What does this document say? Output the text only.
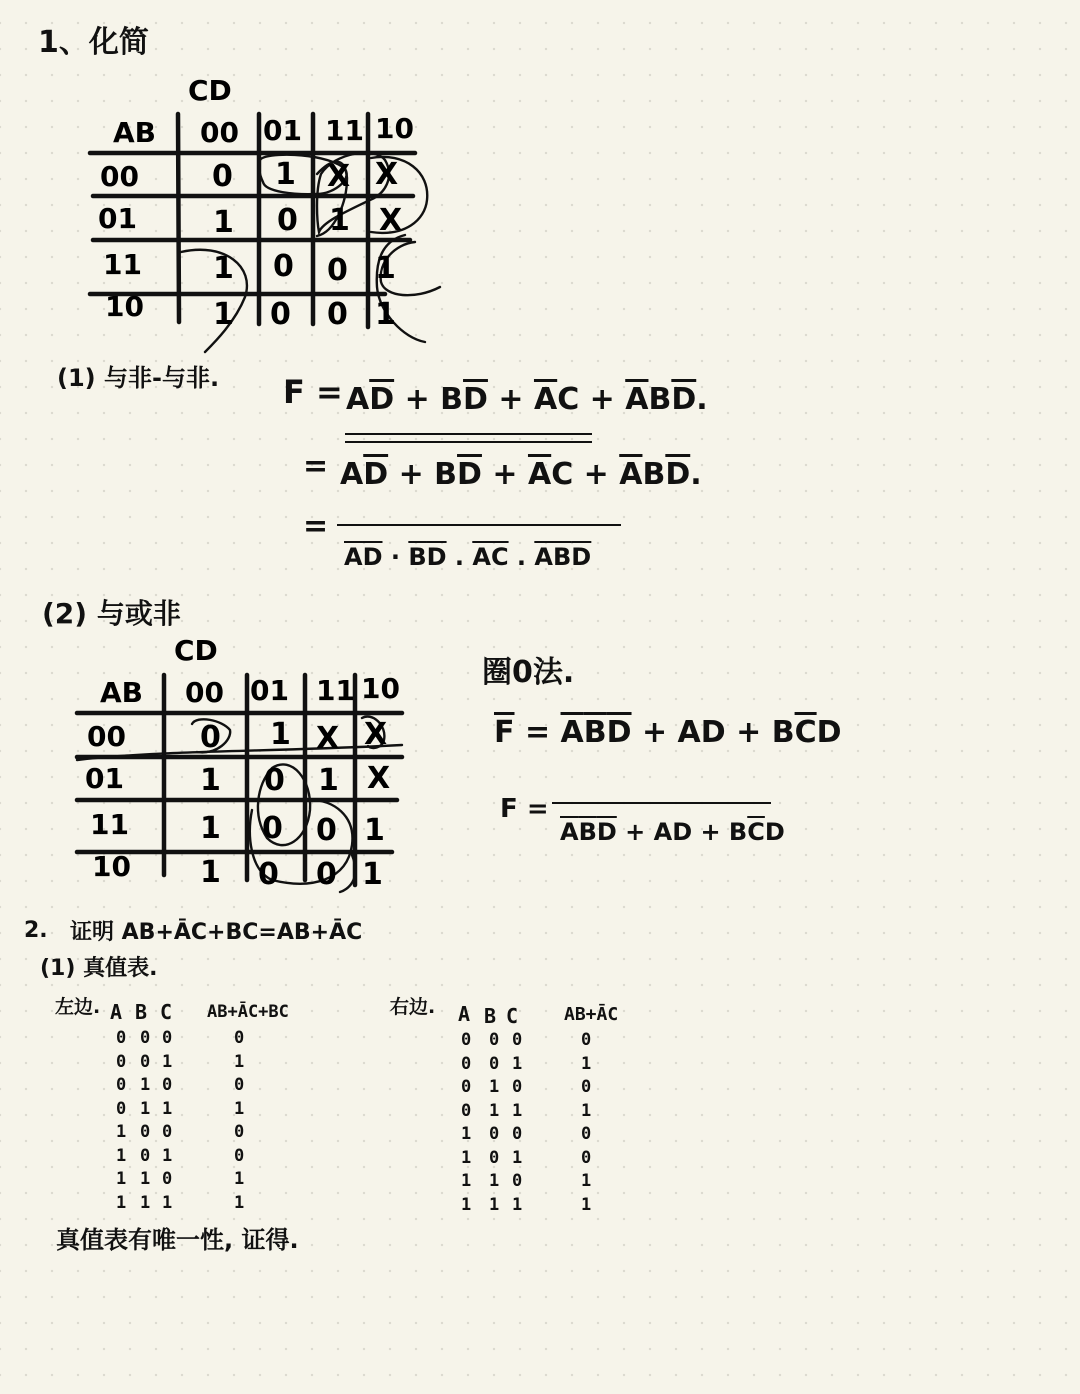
1、化简
CD
AB 00 01 11 10
00
01
11
10
0 1 X X
1 0 1 X
1 0 0 1
1 0 0 1
(1) 与非-与非. $F = A\overline{D} + B\overline{D} + \overline{A}C + \overline{A}B\overline{D}$.
= $A\overline{D} + B\overline{D} + \overline{A}C + \overline{A}B\overline{D}$.
=
AD · BD . AC . ABD
(2) 与或非
CD
AB 00 01 11 10
00
01
11
10
0 1 X X
1 0 1 X
1 0 0 1
1 0 0 1
圈0法.
$\overline{F} = \overline{A}\overline{B}\overline{D}$ + AD + $B\overline{C}D$
F =
$\overline{A}\overline{B}\overline{D}$ + AD + $B\overline{C}D$
2. 证明 AB+ĀC+BC=AB+ĀC
(1) 真值表.
左边. A B C AB+ĀC+BC
0
0
0
0
1
1
1
1
0
0
1
1
0
0
1
1
0
1
0
1
0
1
0
1
0
1
0
1
0
0
1
1
右边. A B C	AB+ĀC
0
0
0
0
1
1
1
1
0
0
1
1
0
0
1
1
0
1
0
1
0
1
0
1
0
1
0
1
0
0
1
1
真值表有唯一性, 证得.
